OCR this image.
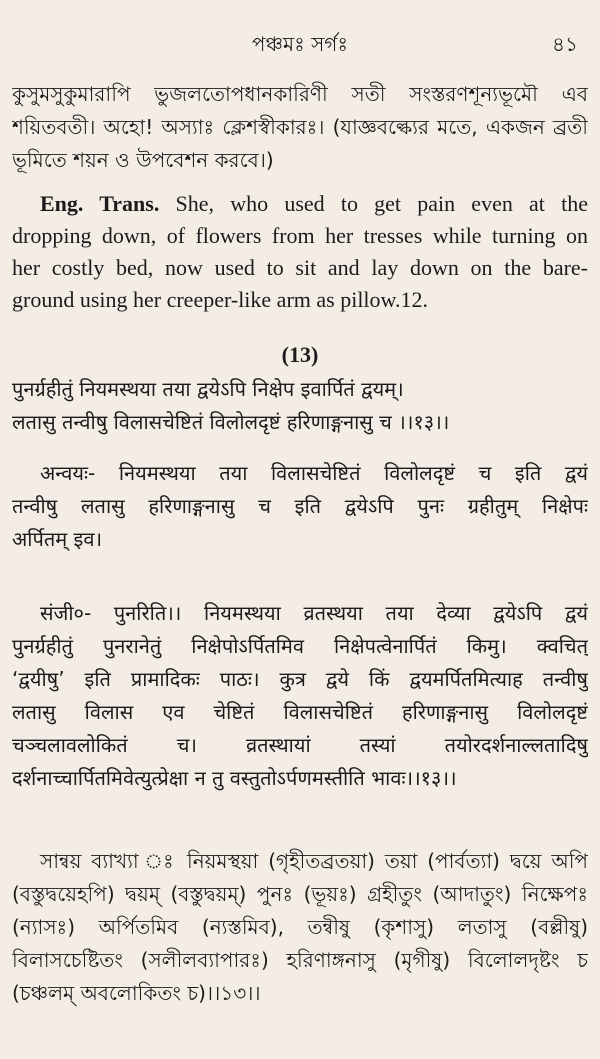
পঞ্চমঃ সর্গঃ	৪১
কুসুমসুকুমারাপি ভুজলতোপধানকারিণী সতী সংস্তরণশূন্যভূমৌ এব
শয়িতবতী। অহো! অস্যাঃ ক্লেশস্বীকারঃ। (যাজ্ঞবল্ক্যের মতে, একজন ব্রতী
ভূমিতে শয়ন ও উপবেশন করবে।)
Eng. Trans. She, who used to get pain even at the
dropping down, of flowers from her tresses while turning on
her costly bed, now used to sit and lay down on the bare-
ground using her creeper-like arm as pillow.12.
(13)
पुनर्ग्रहीतुं नियमस्थया तया द्वयेऽपि निक्षेप इवार्पितं द्वयम्।
लतासु तन्वीषु विलासचेष्टितं विलोलदृष्टं हरिणाङ्गनासु च ।।१३।।
अन्वयः- नियमस्थया तया विलासचेष्टितं विलोलदृष्टं च इति द्वयं
तन्वीषु लतासु हरिणाङ्गनासु च इति द्वयेऽपि पुनः ग्रहीतुम् निक्षेपः
अर्पितम् इव।
संजी०- पुनरिति।। नियमस्थया व्रतस्थया तया देव्या द्वयेऽपि द्वयं
पुनर्ग्रहीतुं पुनरानेतुं निक्षेपोऽर्पितमिव निक्षेपत्वेनार्पितं किमु। क्वचित्
‘द्वयीषु’ इति प्रामादिकः पाठः। कुत्र द्वये किं द्वयमर्पितमित्याह तन्वीषु
लतासु विलास एव चेष्टितं विलासचेष्टितं हरिणाङ्गनासु विलोलदृष्टं
चञ्चलावलोकितं च। व्रतस्थायां तस्यां तयोरदर्शनाल्लतादिषु
दर्शनाच्चार्पितमिवेत्युत्प्रेक्षा न तु वस्तुतोऽर्पणमस्तीति भावः।।१३।।
সান্বয় ব্যাখ্যা ঃ নিয়মস্থয়া (গৃহীতব্রতয়া) তয়া (পার্বত্যা) দ্বয়ে অপি
(বস্তুদ্বয়েহপি) দ্বয়ম্ (বস্তুদ্বয়ম্) পুনঃ (ভূয়ঃ) গ্রহীতুং (আদাতুং) নিক্ষেপঃ
(ন্যাসঃ) অর্পিতমিব (ন্যস্তমিব), তন্বীষু (কৃশাসু) লতাসু (বল্লীষু)
বিলাসচেষ্টিতং (সলীলব্যাপারঃ) হরিণাঙ্গনাসু (মৃগীষু) বিলোলদৃষ্টং চ
(চঞ্চলম্ অবলোকিতং চ)।।১৩।।
